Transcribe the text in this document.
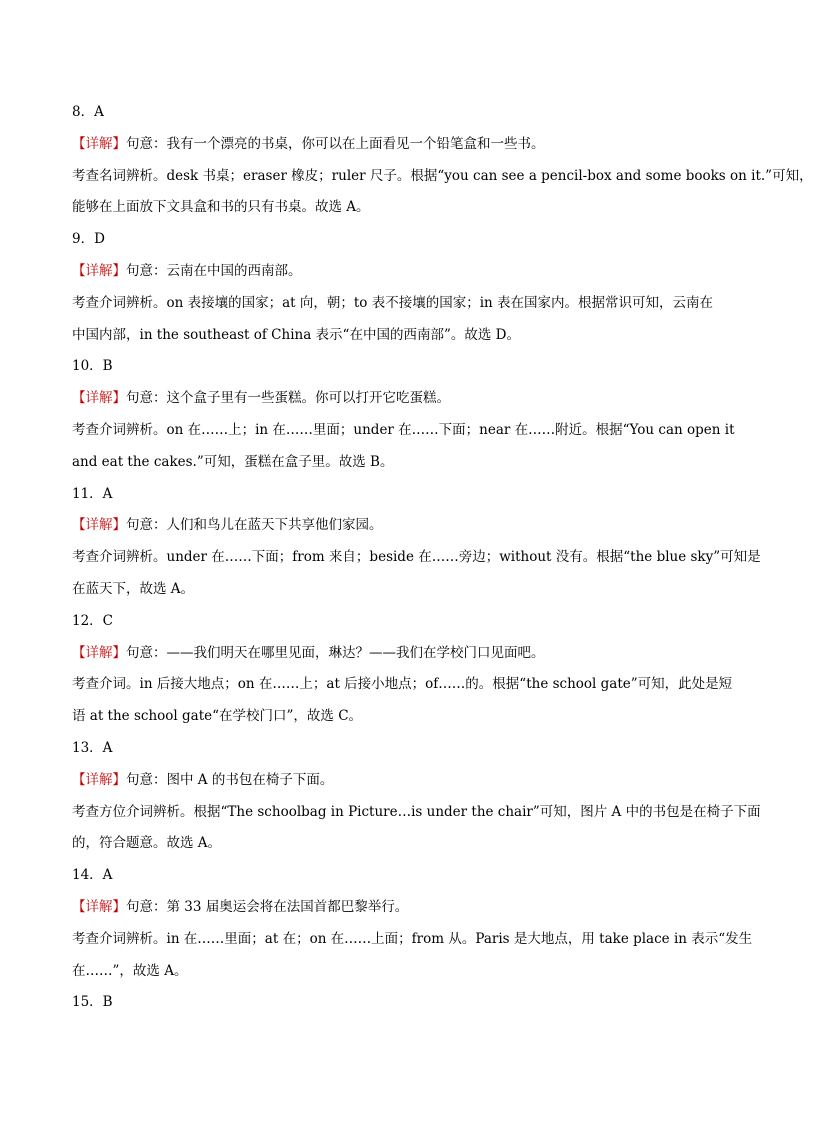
8．A
【详解】句意：我有一个漂亮的书桌，你可以在上面看见一个铅笔盒和一些书。
考查名词辨析。desk 书桌；eraser 橡皮；ruler 尺子。根据“you can see a pencil-box and some books on it.”可知，
能够在上面放下文具盒和书的只有书桌。故选 A。
9．D
【详解】句意：云南在中国的西南部。
考查介词辨析。on 表接壤的国家；at 向，朝；to 表不接壤的国家；in 表在国家内。根据常识可知，云南在
中国内部，in the southeast of China 表示“在中国的西南部”。故选 D。
10．B
【详解】句意：这个盒子里有一些蛋糕。你可以打开它吃蛋糕。
考查介词辨析。on 在……上；in 在……里面；under 在……下面；near 在……附近。根据“You can open it
and eat the cakes.”可知，蛋糕在盒子里。故选 B。
11．A
【详解】句意：人们和鸟儿在蓝天下共享他们家园。
考查介词辨析。under 在……下面；from 来自；beside 在……旁边；without 没有。根据“the blue sky”可知是
在蓝天下，故选 A。
12．C
【详解】句意：——我们明天在哪里见面，琳达？——我们在学校门口见面吧。
考查介词。in 后接大地点；on 在……上；at 后接小地点；of……的。根据“the school gate”可知，此处是短
语 at the school gate“在学校门口”，故选 C。
13．A
【详解】句意：图中 A 的书包在椅子下面。
考查方位介词辨析。根据“The schoolbag in Picture…is under the chair”可知，图片 A 中的书包是在椅子下面
的，符合题意。故选 A。
14．A
【详解】句意：第 33 届奥运会将在法国首都巴黎举行。
考查介词辨析。in 在……里面；at 在；on 在……上面；from 从。Paris 是大地点，用 take place in 表示“发生
在……”，故选 A。
15．B
